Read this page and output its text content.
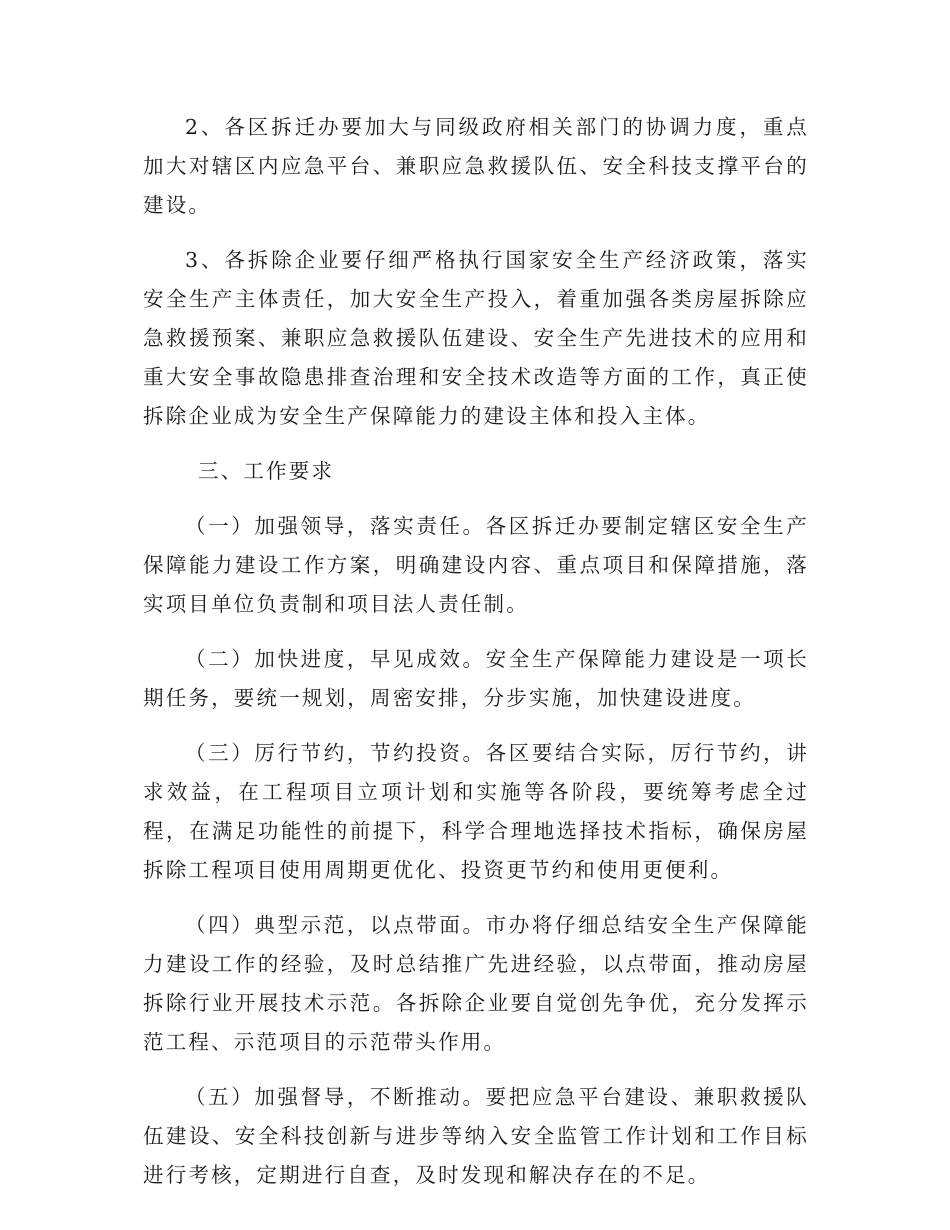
2、各区拆迁办要加大与同级政府相关部门的协调力度，重点加大对辖区内应急平台、兼职应急救援队伍、安全科技支撑平台的建设。

3、各拆除企业要仔细严格执行国家安全生产经济政策，落实安全生产主体责任，加大安全生产投入，着重加强各类房屋拆除应急救援预案、兼职应急救援队伍建设、安全生产先进技术的应用和重大安全事故隐患排查治理和安全技术改造等方面的工作，真正使拆除企业成为安全生产保障能力的建设主体和投入主体。

三、工作要求

（一）加强领导，落实责任。各区拆迁办要制定辖区安全生产保障能力建设工作方案，明确建设内容、重点项目和保障措施，落实项目单位负责制和项目法人责任制。

（二）加快进度，早见成效。安全生产保障能力建设是一项长期任务，要统一规划，周密安排，分步实施，加快建设进度。

（三）厉行节约，节约投资。各区要结合实际，厉行节约，讲求效益，在工程项目立项计划和实施等各阶段，要统筹考虑全过程，在满足功能性的前提下，科学合理地选择技术指标，确保房屋拆除工程项目使用周期更优化、投资更节约和使用更便利。

（四）典型示范，以点带面。市办将仔细总结安全生产保障能力建设工作的经验，及时总结推广先进经验，以点带面，推动房屋拆除行业开展技术示范。各拆除企业要自觉创先争优，充分发挥示范工程、示范项目的示范带头作用。

（五）加强督导，不断推动。要把应急平台建设、兼职救援队伍建设、安全科技创新与进步等纳入安全监管工作计划和工作目标进行考核，定期进行自查，及时发现和解决存在的不足。
